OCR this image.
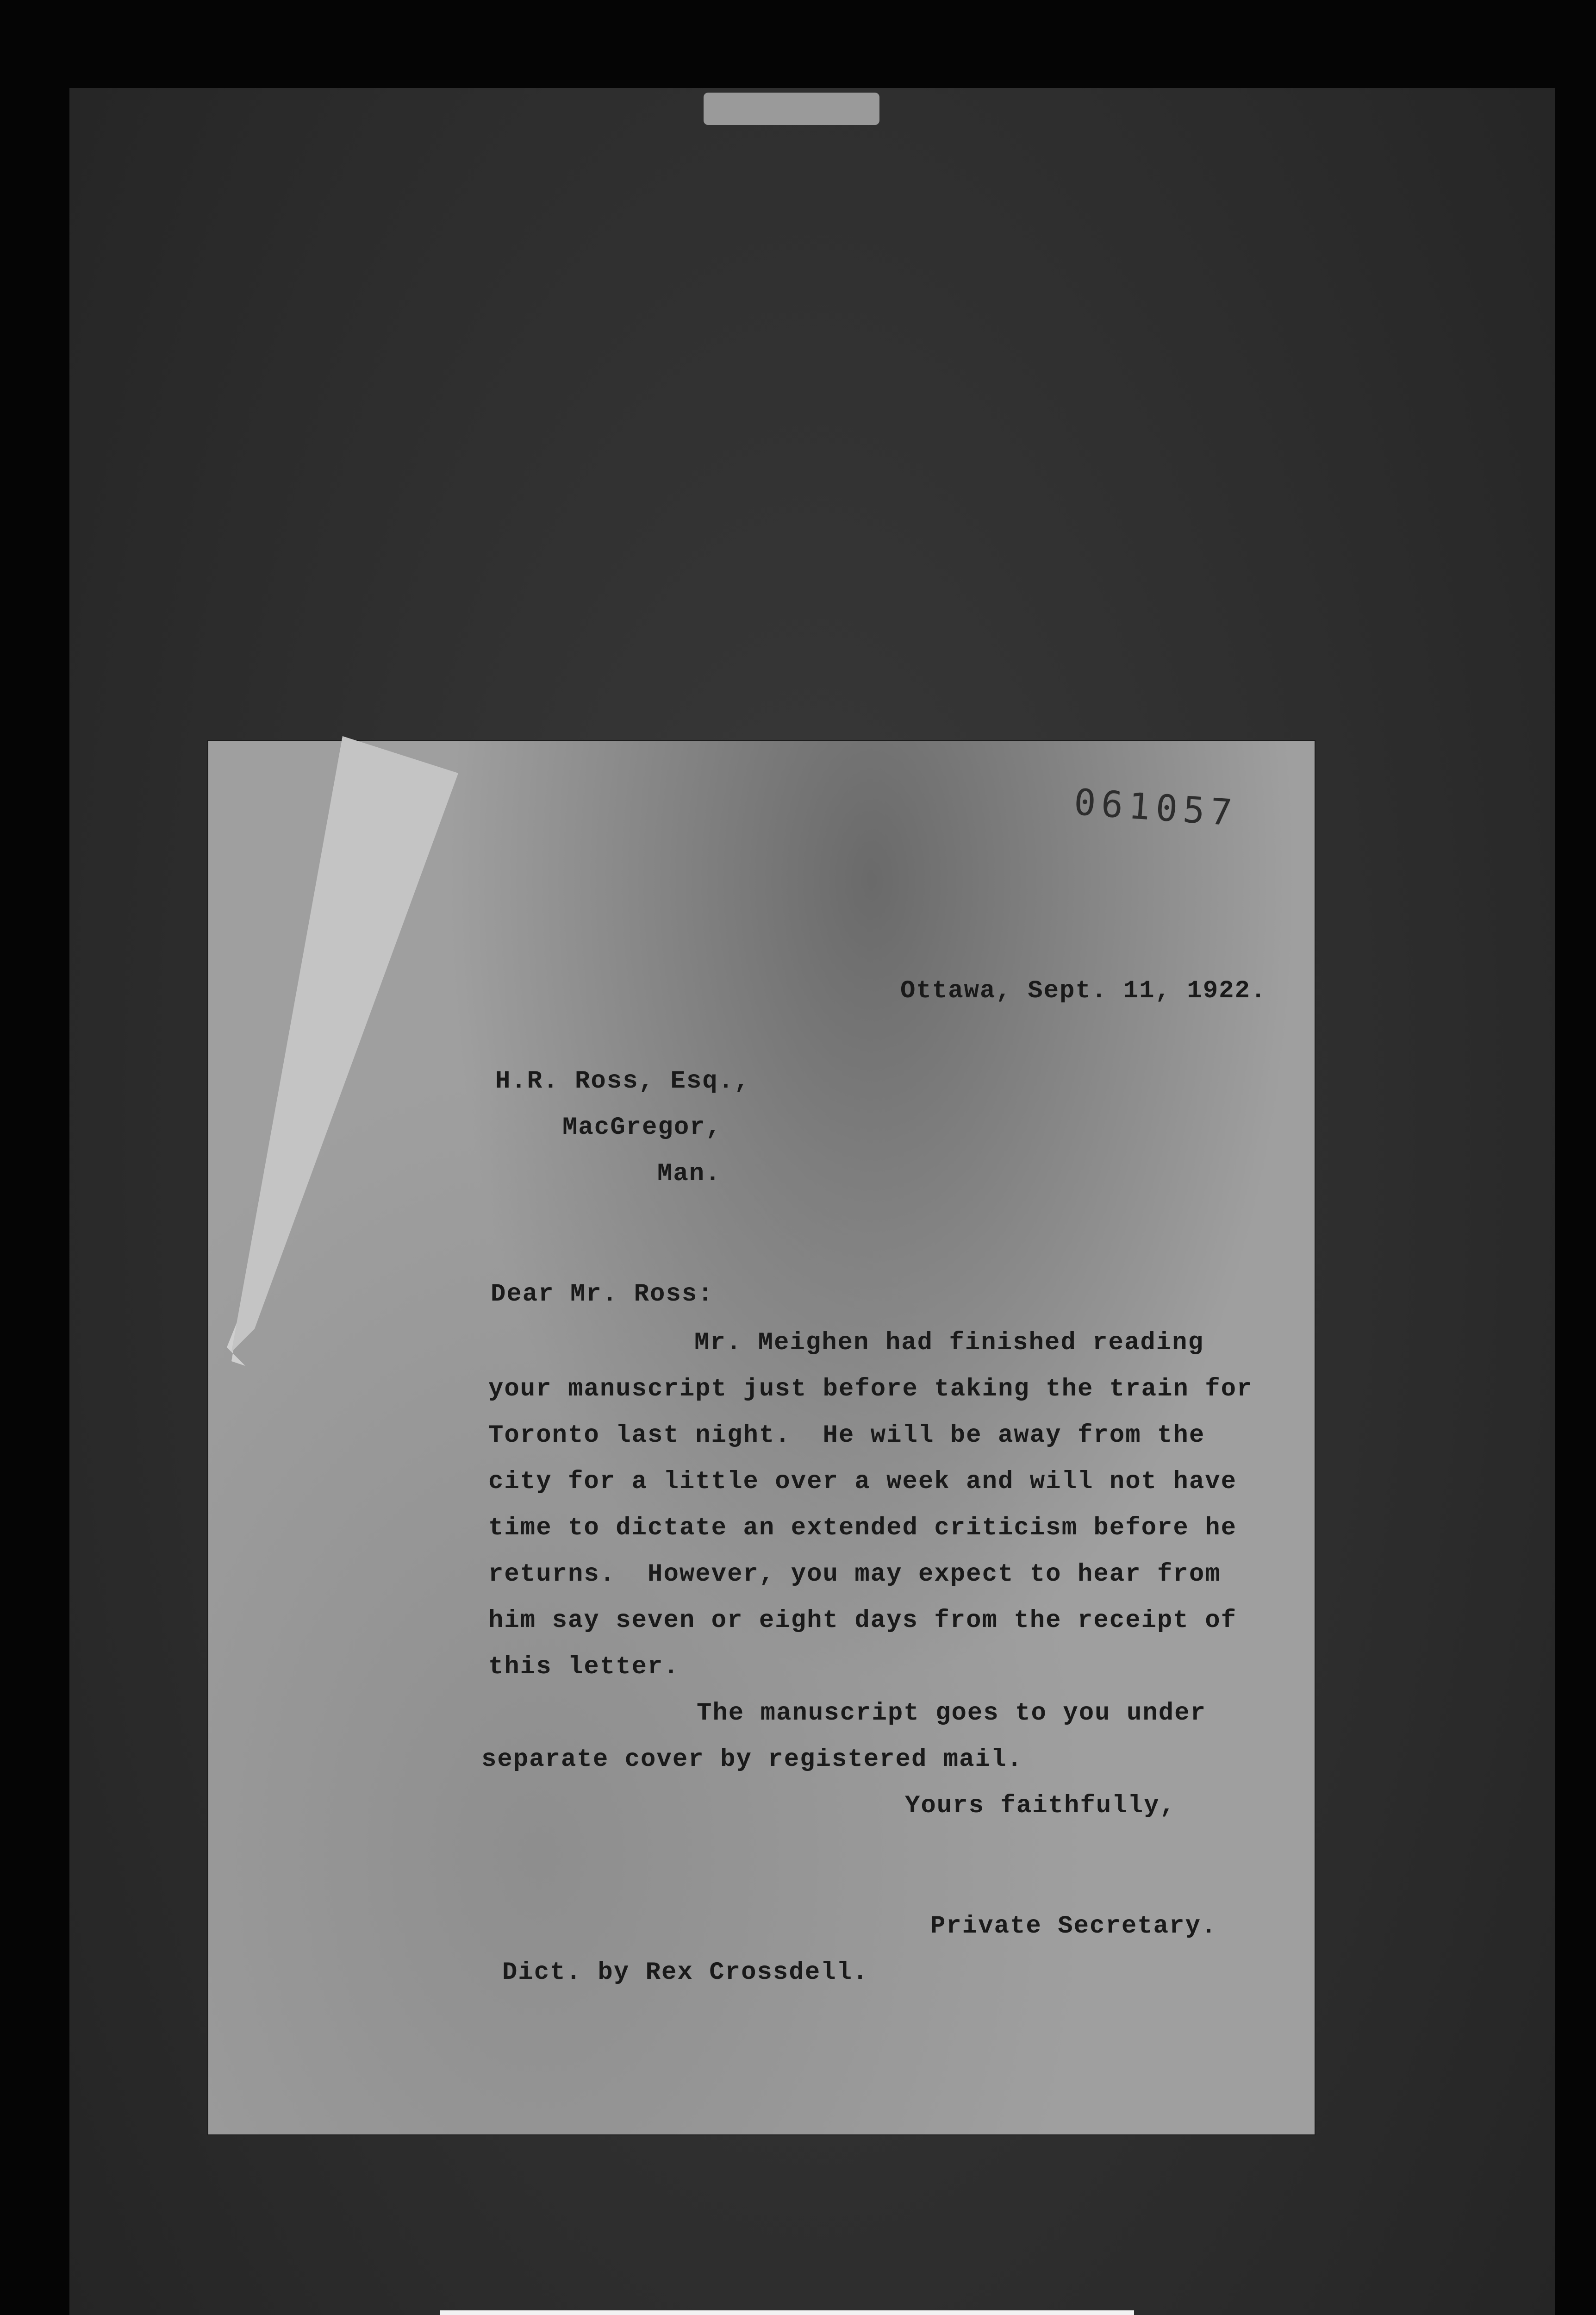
061057
Ottawa, Sept. 11, 1922.
H.R. Ross, Esq.,
MacGregor,
Man.
Dear Mr. Ross:
Mr. Meighen had finished reading
your manuscript just before taking the train for
Toronto last night.  He will be away from the
city for a little over a week and will not have
time to dictate an extended criticism before he
returns.  However, you may expect to hear from
him say seven or eight days from the receipt of
this letter.
The manuscript goes to you under
separate cover by registered mail.
Yours faithfully,
Private Secretary.
Dict. by Rex Crossdell.
